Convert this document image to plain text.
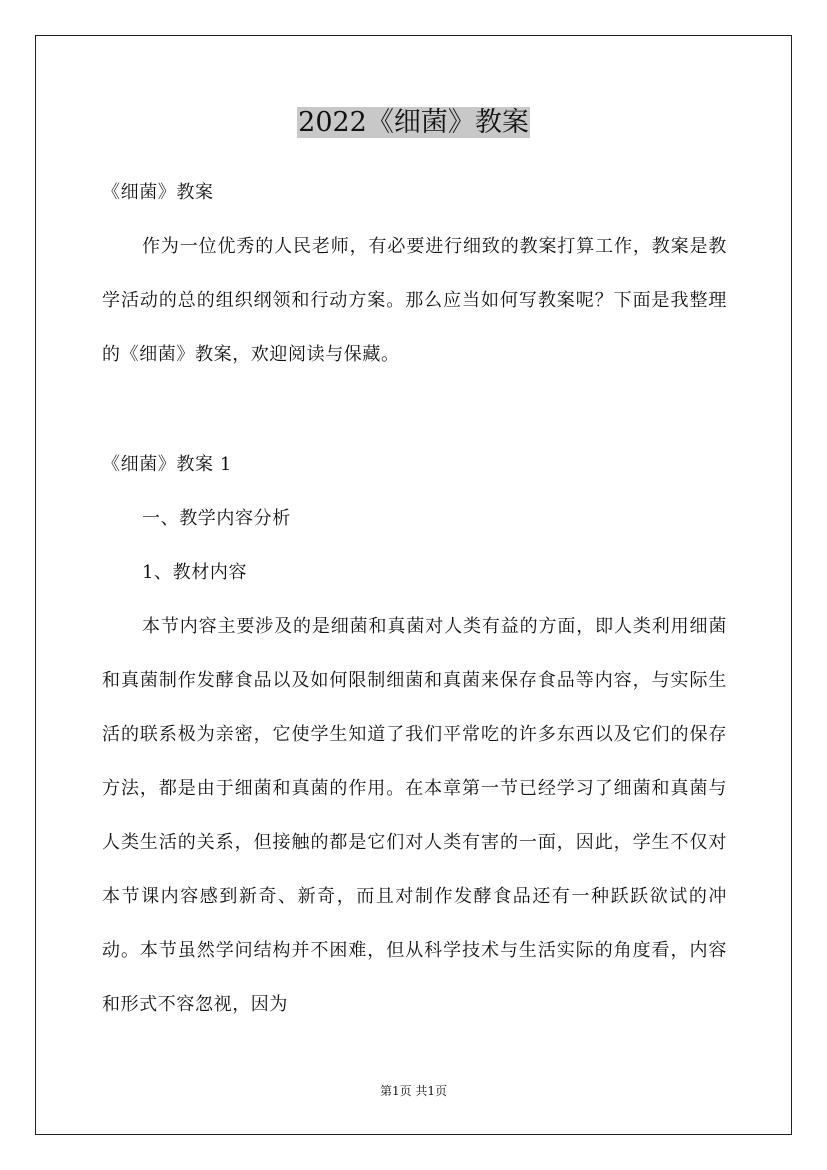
2022《细菌》教案

《细菌》教案

作为一位优秀的人民老师，有必要进行细致的教案打算工作，教案是教学活动的总的组织纲领和行动方案。那么应当如何写教案呢？下面是我整理的《细菌》教案，欢迎阅读与保藏。

《细菌》教案 1

一、教学内容分析

1、教材内容

本节内容主要涉及的是细菌和真菌对人类有益的方面，即人类利用细菌和真菌制作发酵食品以及如何限制细菌和真菌来保存食品等内容，与实际生活的联系极为亲密，它使学生知道了我们平常吃的许多东西以及它们的保存方法，都是由于细菌和真菌的作用。在本章第一节已经学习了细菌和真菌与人类生活的关系，但接触的都是它们对人类有害的一面，因此，学生不仅对本节课内容感到新奇、新奇，而且对制作发酵食品还有一种跃跃欲试的冲动。本节虽然学问结构并不困难，但从科学技术与生活实际的角度看，内容和形式不容忽视，因为

第1页 共1页
